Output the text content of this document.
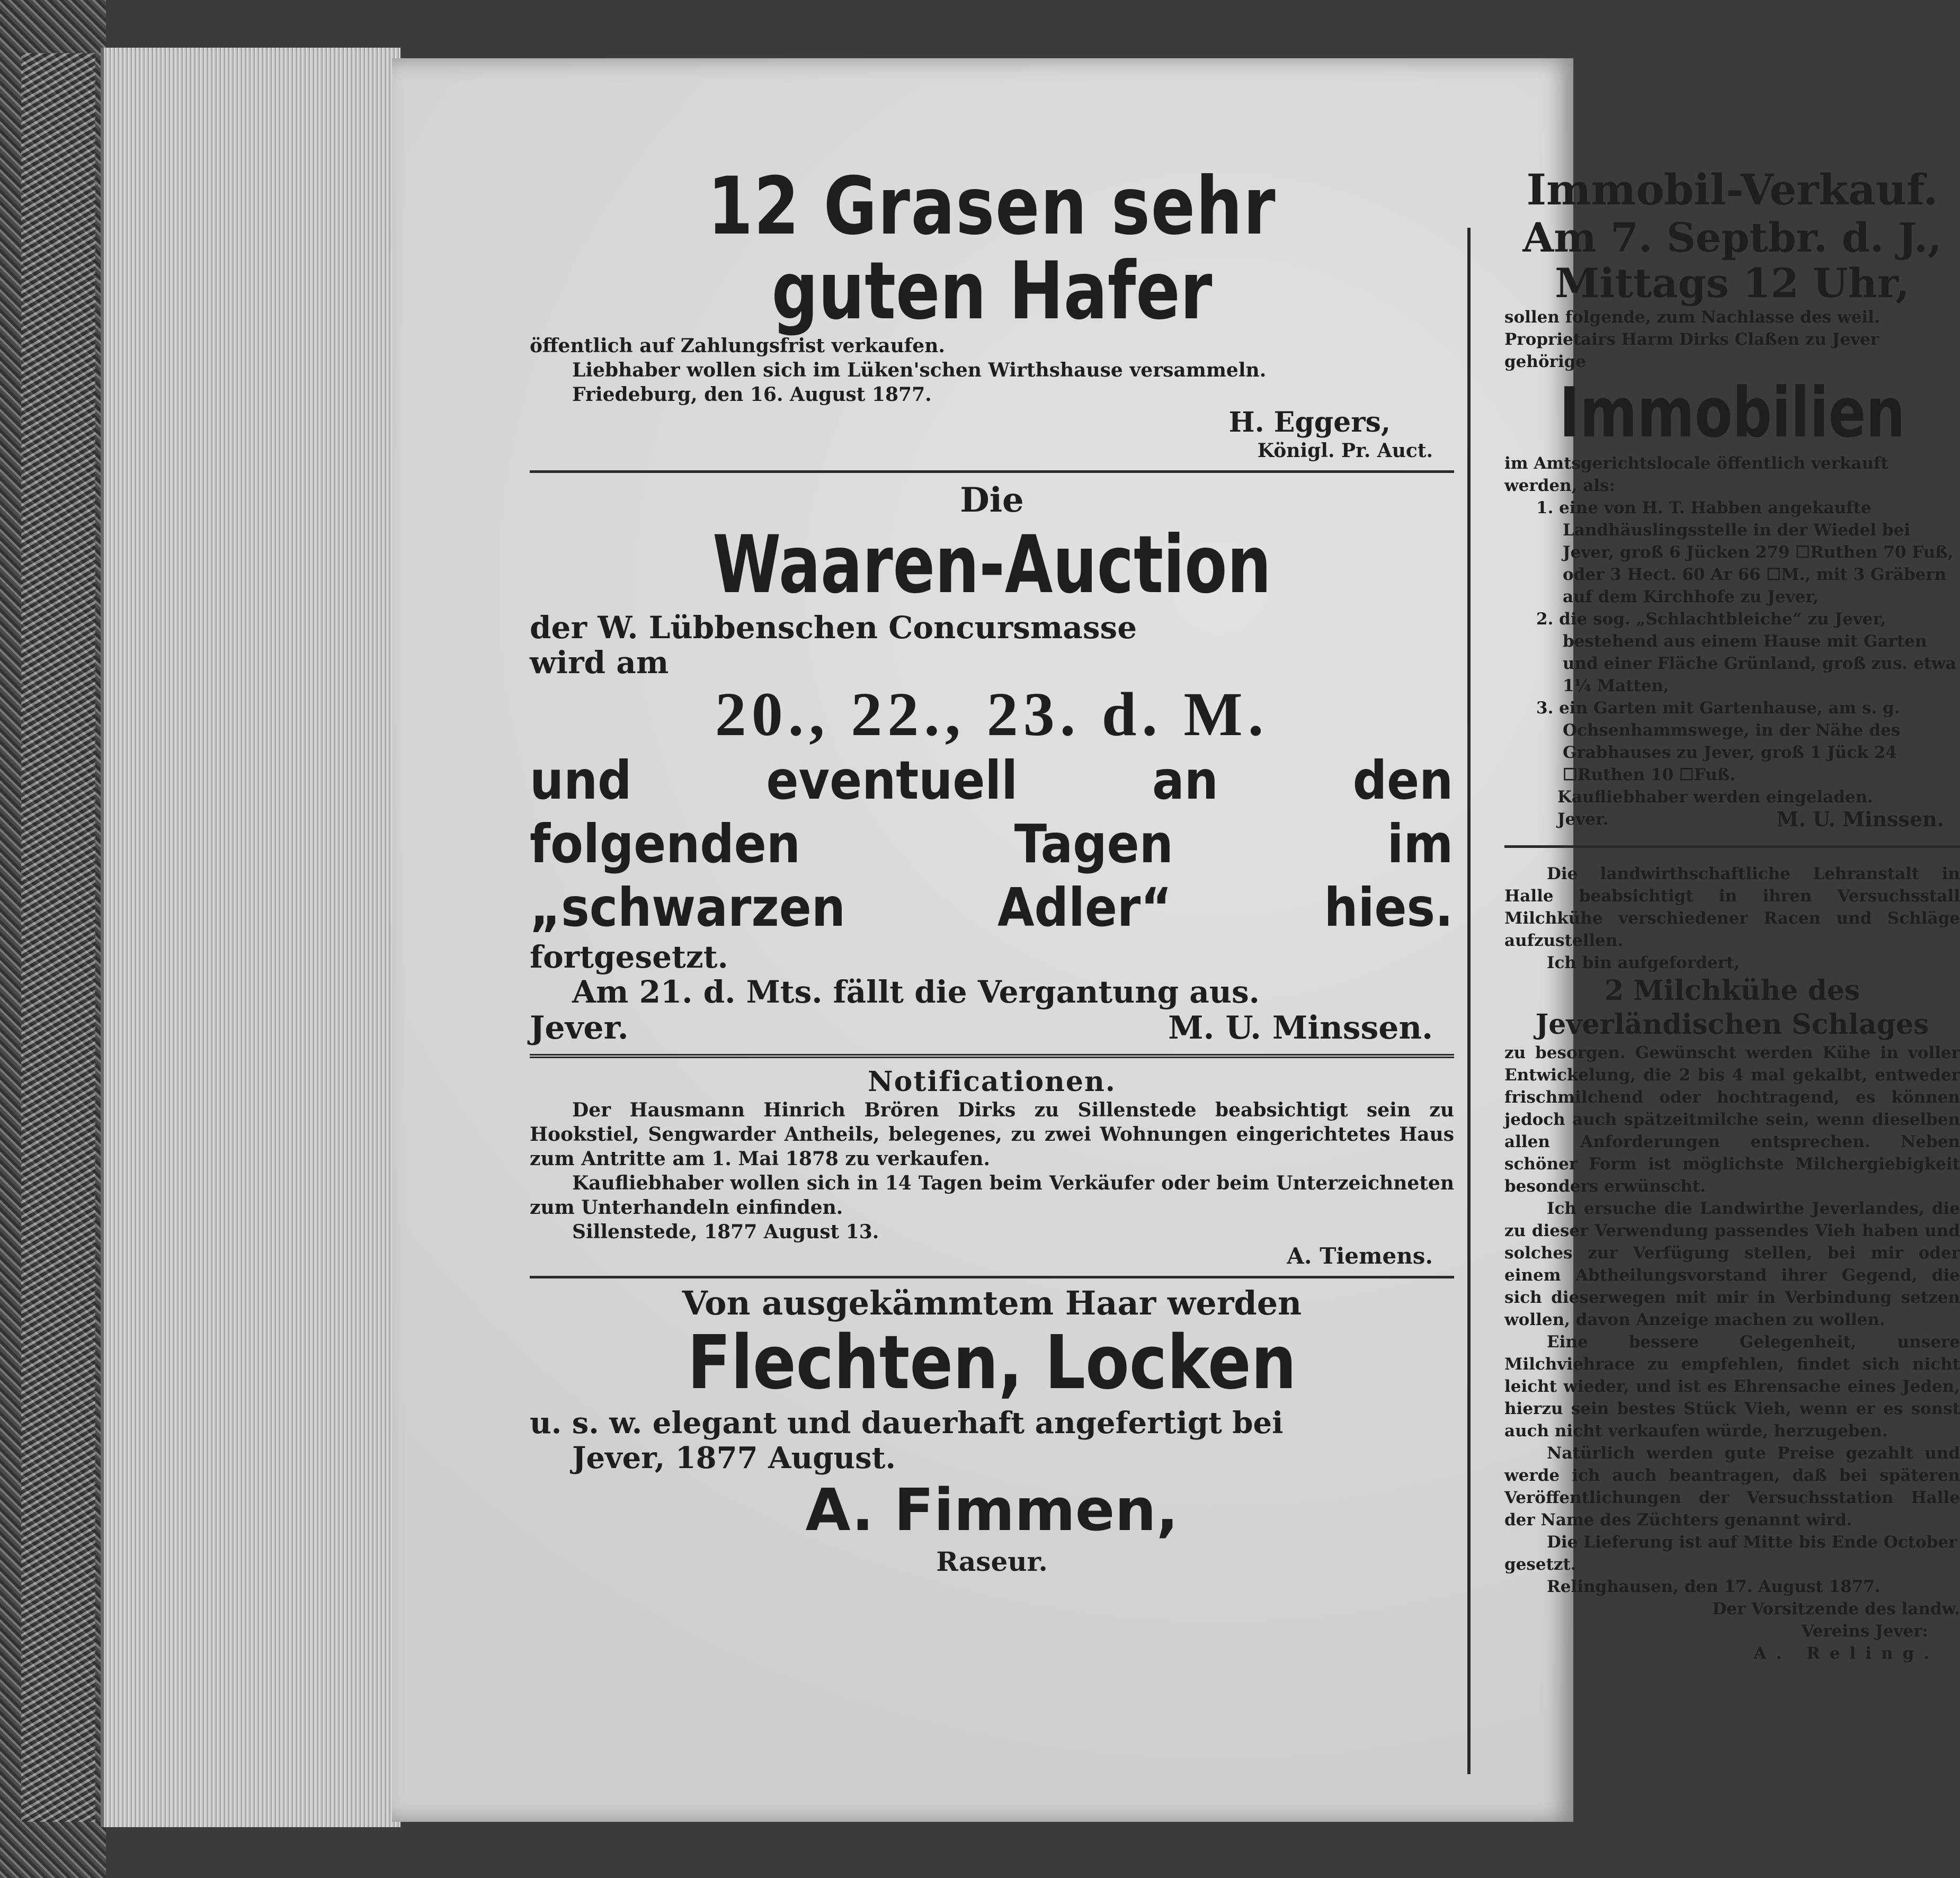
12 Grasen sehr
guten Hafer
öffentlich auf Zahlungsfrist verkaufen.
Liebhaber wollen sich im Lüken'schen Wirthshause versammeln.
Friedeburg, den 16. August 1877.
H. Eggers,
Königl. Pr. Auct.
Die
Waaren-Auction
der W. Lübbenschen Concursmasse
wird am
20., 22., 23. d. M.
und eventuell an den
folgenden Tagen im
„schwarzen Adler“ hies.
fortgesetzt.
Am 21. d. Mts. fällt die Vergantung aus.
Jever.	M. U. Minssen.
Notificationen.
Der Hausmann Hinrich Brören Dirks zu Sillenstede beabsichtigt sein zu Hookstiel, Sengwarder Antheils, belegenes, zu zwei Wohnungen eingerichtetes Haus zum Antritte am 1. Mai 1878 zu verkaufen.
Kaufliebhaber wollen sich in 14 Tagen beim Verkäufer oder beim Unterzeichneten zum Unterhandeln einfinden.
Sillenstede, 1877 August 13.
A. Tiemens.
Von ausgekämmtem Haar werden
Flechten, Locken
u. s. w. elegant und dauerhaft angefertigt bei
Jever, 1877 August.
A. Fimmen,
Raseur.
Immobil-Verkauf.
Am 7. Septbr. d. J.,
Mittags 12 Uhr,
sollen folgende, zum Nachlasse des weil. Proprietairs Harm Dirks Claßen zu Jever gehörige
Immobilien
im Amtsgerichtslocale öffentlich verkauft werden, als:
1. eine von H. T. Habben angekaufte Landhäuslingsstelle in der Wiedel bei Jever, groß 6 Jücken 279 ☐Ruthen 70 Fuß, oder 3 Hect. 60 Ar 66 ☐M., mit 3 Gräbern auf dem Kirchhofe zu Jever,
2. die sog. „Schlachtbleiche“ zu Jever, bestehend aus einem Hause mit Garten und einer Fläche Grünland, groß zus. etwa 1¼ Matten,
3. ein Garten mit Gartenhause, am s. g. Ochsenhammswege, in der Nähe des Grabhauses zu Jever, groß 1 Jück 24 ☐Ruthen 10 ☐Fuß.
Kaufliebhaber werden eingeladen.
Jever.	M. U. Minssen.
Die landwirthschaftliche Lehranstalt in Halle beabsichtigt in ihren Versuchsstall Milchkühe verschiedener Racen und Schläge aufzustellen.
Ich bin aufgefordert,
2 Milchkühe des Jeverländischen Schlages
zu besorgen. Gewünscht werden Kühe in voller Entwickelung, die 2 bis 4 mal gekalbt, entweder frischmilchend oder hochtragend, es können jedoch auch spätzeitmilche sein, wenn dieselben allen Anforderungen entsprechen. Neben schöner Form ist möglichste Milchergiebigkeit besonders erwünscht.
Ich ersuche die Landwirthe Jeverlandes, die zu dieser Verwendung passendes Vieh haben und solches zur Verfügung stellen, bei mir oder einem Abtheilungsvorstand ihrer Gegend, die sich dieserwegen mit mir in Verbindung setzen wollen, davon Anzeige machen zu wollen.
Eine bessere Gelegenheit, unsere Milchviehrace zu empfehlen, findet sich nicht leicht wieder, und ist es Ehrensache eines Jeden, hierzu sein bestes Stück Vieh, wenn er es sonst auch nicht verkaufen würde, herzugeben.
Natürlich werden gute Preise gezahlt und werde ich auch beantragen, daß bei späteren Veröffentlichungen der Versuchsstation Halle der Name des Züchters genannt wird.
Die Lieferung ist auf Mitte bis Ende October gesetzt.
Relinghausen, den 17. August 1877.
Der Vorsitzende des landw.
Vereins Jever:
A. Reling.
